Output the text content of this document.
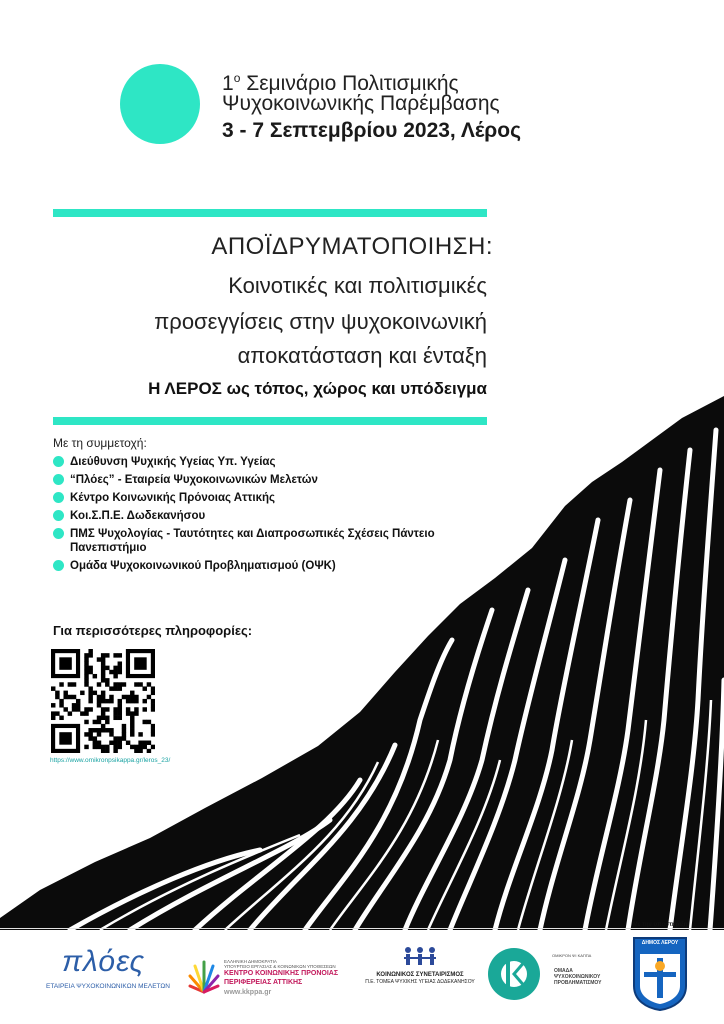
$1^o$ Σεμινάριο Πολιτισμικής
Ψυχοκοινωνικής Παρέμβασης
3 - 7 Σεπτεμβρίου 2023, Λέρος
ΑΠΟΪΔΡΥΜΑΤΟΠΟΙΗΣΗ:
Κοινοτικές και πολιτισμικές
προσεγγίσεις στην ψυχοκοινωνική
αποκατάσταση και ένταξη
Η ΛΕΡΟΣ ως τόπος, χώρος και υπόδειγμα
Με τη συμμετοχή:
Διεύθυνση Ψυχικής Υγείας Υπ. Υγείας
“Πλόες” - Εταιρεία Ψυχοκοινωνικών Μελετών
Κέντρο Κοινωνικής Πρόνοιας Αττικής
Κοι.Σ.Π.Ε. Δωδεκανήσου
ΠΜΣ Ψυχολογίας - Ταυτότητες και Διαπροσωπικές Σχέσεις Πάντειο Πανεπιστήμιο
Ομάδα Ψυχοκοινωνικού Προβληματισμού (ΟΨΚ)
Για περισσότερες πληροφορίες:
https://www.omikronpsikappa.gr/leros_23/
πλόες
ΕΤΑΙΡΕΙΑ ΨΥΧΟΚΟΙΝΩΝΙΚΩΝ ΜΕΛΕΤΩΝ
ΕΛΛΗΝΙΚΗ ΔΗΜΟΚΡΑΤΙΑ
ΥΠΟΥΡΓΕΙΟ ΕΡΓΑΣΙΑΣ & ΚΟΙΝΩΝΙΚΩΝ ΥΠΟΘΕΣΕΩΝ
ΚΕΝΤΡΟ ΚΟΙΝΩΝΙΚΗΣ ΠΡΟΝΟΙΑΣ
ΠΕΡΙΦΕΡΕΙΑΣ ΑΤΤΙΚΗΣ
www.kkppa.gr
ΚΟΙΝΩΝΙΚΟΣ ΣΥΝΕΤΑΙΡΙΣΜΟΣ
Π.Ε. ΤΟΜΕΑ ΨΥΧΙΚΗΣ ΥΓΕΙΑΣ ΔΩΔΕΚΑΝΗΣΟΥ
ΟΜΙΚΡΟΝ ΨΙ ΚΑΠΠΑ
ΟΜΑΔΑ
ΨΥΧΟΚΟΙΝΩΝΙΚΟΥ
ΠΡΟΒΛΗΜΑΤΙΣΜΟΥ
Με την υποστήριξη
ΔΗΜΟΣ ΛΕΡΟΥ
